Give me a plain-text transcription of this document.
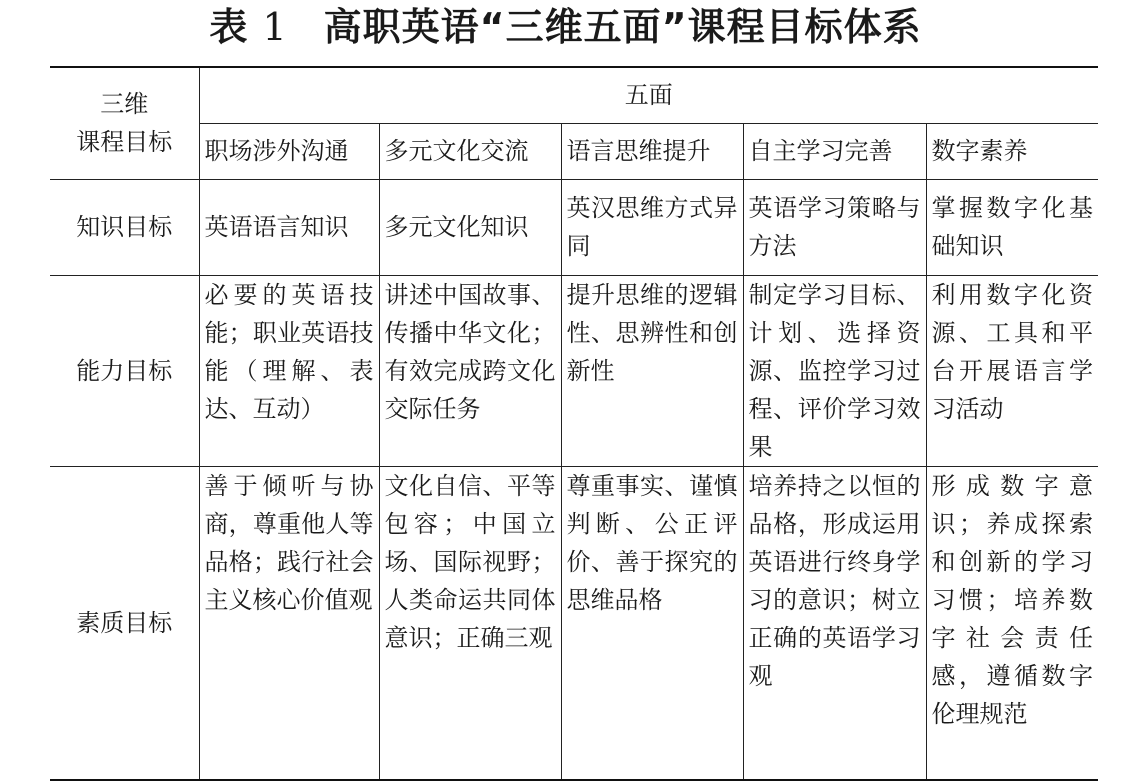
表 1 高职英语“三维五面”课程目标体系
三维
课程目标	五面				
	职场涉外沟通	多元文化交流	语言思维提升	自主学习完善	数字素养
知识目标	英语语言知识	多元文化知识	英汉思维方式异同	英语学习策略与方法	掌握数字化基础知识
能力目标	必要的英语技能；职业英语技能（理解、表达、互动）	讲述中国故事、传播中华文化；有效完成跨文化交际任务	提升思维的逻辑性、思辨性和创新性	制定学习目标、计划、选择资源、监控学习过程、评价学习效果	利用数字化资源、工具和平台开展语言学习活动
素质目标	善于倾听与协商，尊重他人等品格；践行社会主义核心价值观	文化自信、平等包容；中国立场、国际视野；人类命运共同体意识；正确三观	尊重事实、谨慎判断、公正评价、善于探究的思维品格	培养持之以恒的品格，形成运用英语进行终身学习的意识；树立正确的英语学习观	形成数字意识；养成探索和创新的学习习惯；培养数字社会责任感，遵循数字伦理规范
